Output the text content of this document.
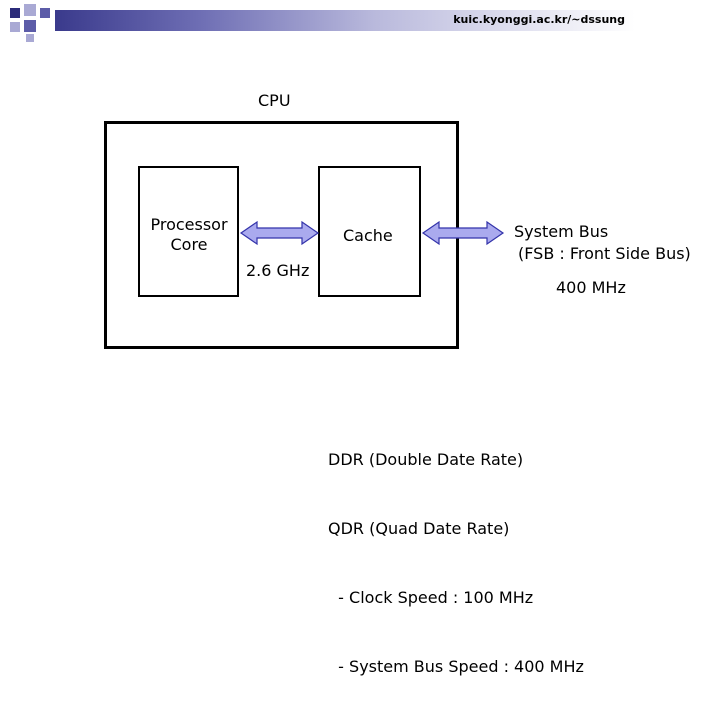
kuic.kyonggi.ac.kr/~dssung
CPU
Processor
Core	Cache
2.6 GHz
System Bus
(FSB : Front Side Bus)
400 MHz

DDR (Double Date Rate)

QDR (Quad Date Rate)

- Clock Speed : 100 MHz

- System Bus Speed : 400 MHz
